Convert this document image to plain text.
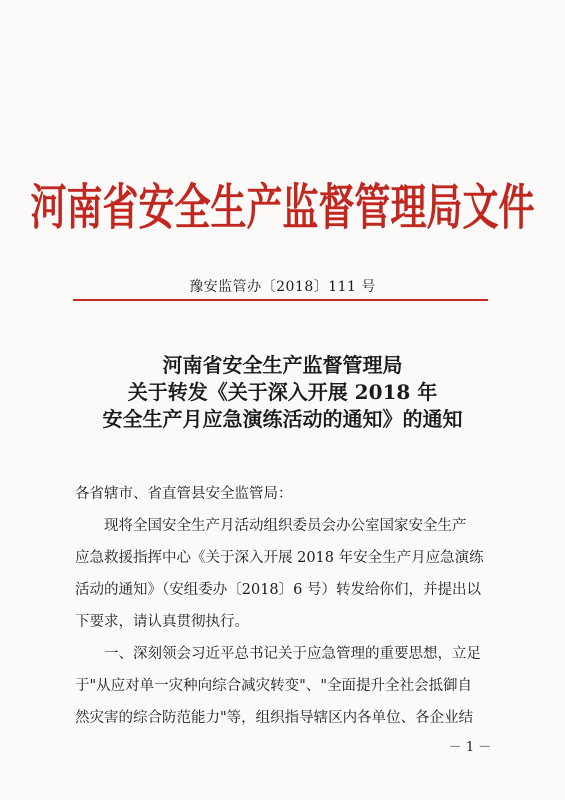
河南省安全生产监督管理局文件
豫安监管办〔2018〕111 号
河南省安全生产监督管理局
关于转发《关于深入开展 2018 年
安全生产月应急演练活动的通知》的通知

各省辖市、省直管县安全监管局：

现将全国安全生产月活动组织委员会办公室国家安全生产

应急救援指挥中心《关于深入开展 2018 年安全生产月应急演练

活动的通知》（安组委办〔2018〕6 号）转发给你们，并提出以

下要求，请认真贯彻执行。

一、深刻领会习近平总书记关于应急管理的重要思想，立足

于"从应对单一灾种向综合减灾转变"、"全面提升全社会抵御自

然灾害的综合防范能力"等，组织指导辖区内各单位、各企业结

－ 1 －
